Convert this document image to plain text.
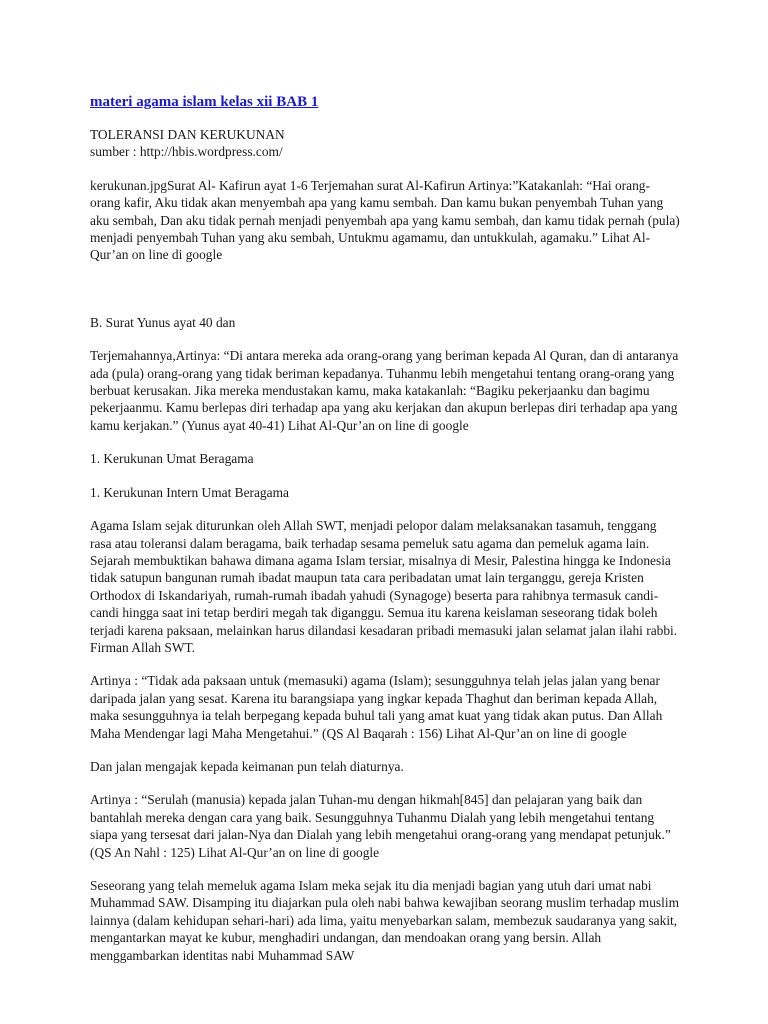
materi agama islam kelas xii BAB 1

TOLERANSI DAN KERUKUNAN
sumber : http://hbis.wordpress.com/

kerukunan.jpgSurat Al- Kafirun ayat 1-6 Terjemahan surat Al-Kafirun Artinya:”Katakanlah: “Hai orang-orang kafir, Aku tidak akan menyembah apa yang kamu sembah. Dan kamu bukan penyembah Tuhan yang aku sembah, Dan aku tidak pernah menjadi penyembah apa yang kamu sembah, dan kamu tidak pernah (pula) menjadi penyembah Tuhan yang aku sembah, Untukmu agamamu, dan untukkulah, agamaku.” Lihat Al-Qur’an on line di google

B. Surat Yunus ayat 40 dan

Terjemahannya,Artinya: “Di antara mereka ada orang-orang yang beriman kepada Al Quran, dan di antaranya ada (pula) orang-orang yang tidak beriman kepadanya. Tuhanmu lebih mengetahui tentang orang-orang yang berbuat kerusakan. Jika mereka mendustakan kamu, maka katakanlah: “Bagiku pekerjaanku dan bagimu pekerjaanmu. Kamu berlepas diri terhadap apa yang aku kerjakan dan akupun berlepas diri terhadap apa yang kamu kerjakan.” (Yunus ayat 40-41) Lihat Al-Qur’an on line di google

1. Kerukunan Umat Beragama

1. Kerukunan Intern Umat Beragama

Agama Islam sejak diturunkan oleh Allah SWT, menjadi pelopor dalam melaksanakan tasamuh, tenggang rasa atau toleransi dalam beragama, baik terhadap sesama pemeluk satu agama dan pemeluk agama lain. Sejarah membuktikan bahawa dimana agama Islam tersiar, misalnya di Mesir, Palestina hingga ke Indonesia tidak satupun bangunan rumah ibadat maupun tata cara peribadatan umat lain terganggu, gereja Kristen Orthodox di Iskandariyah, rumah-rumah ibadah yahudi (Synagoge) beserta para rahibnya termasuk candi-candi hingga saat ini tetap berdiri megah tak diganggu. Semua itu karena keislaman seseorang tidak boleh terjadi karena paksaan, melainkan harus dilandasi kesadaran pribadi memasuki jalan selamat jalan ilahi rabbi. Firman Allah SWT.

Artinya : “Tidak ada paksaan untuk (memasuki) agama (Islam); sesungguhnya telah jelas jalan yang benar daripada jalan yang sesat. Karena itu barangsiapa yang ingkar kepada Thaghut dan beriman kepada Allah, maka sesungguhnya ia telah berpegang kepada buhul tali yang amat kuat yang tidak akan putus. Dan Allah Maha Mendengar lagi Maha Mengetahui.” (QS Al Baqarah : 156) Lihat Al-Qur’an on line di google

Dan jalan mengajak kepada keimanan pun telah diaturnya.

Artinya : “Serulah (manusia) kepada jalan Tuhan-mu dengan hikmah[845] dan pelajaran yang baik dan bantahlah mereka dengan cara yang baik. Sesungguhnya Tuhanmu Dialah yang lebih mengetahui tentang siapa yang tersesat dari jalan-Nya dan Dialah yang lebih mengetahui orang-orang yang mendapat petunjuk.” (QS An Nahl : 125) Lihat Al-Qur’an on line di google

Seseorang yang telah memeluk agama Islam meka sejak itu dia menjadi bagian yang utuh dari umat nabi Muhammad SAW. Disamping itu diajarkan pula oleh nabi bahwa kewajiban seorang muslim terhadap muslim lainnya (dalam kehidupan sehari-hari) ada lima, yaitu menyebarkan salam, membezuk saudaranya yang sakit, mengantarkan mayat ke kubur, menghadiri undangan, dan mendoakan orang yang bersin. Allah menggambarkan identitas nabi Muhammad SAW
